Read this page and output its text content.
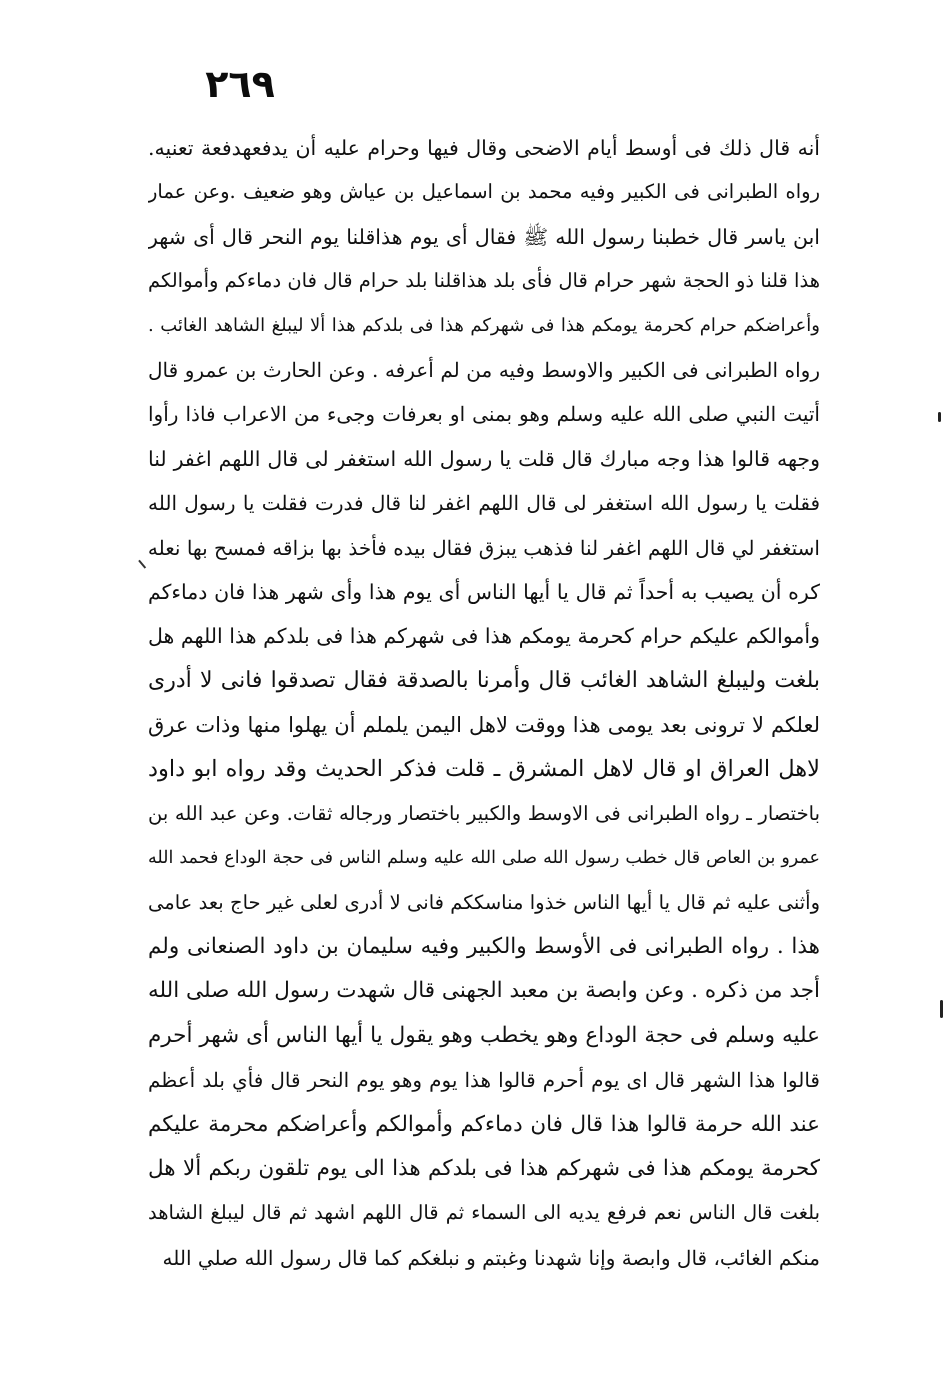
٢٦٩
أنه قال ذلك فى أوسط أيام الاضحى وقال فيها وحرام عليه أن يدفعهدفعة تعنيه.
رواه الطبرانى فى الكبير وفيه محمد بن اسماعيل بن عياش وهو ضعيف .وعن عمار
ابن ياسر قال خطبنا رسول الله ﷺ فقال أى يوم هذاقلنا يوم النحر قال أى شهر
هذا قلنا ذو الحجة شهر حرام قال فأى بلد هذاقلنا بلد حرام قال فان دماءكم وأموالكم
وأعراضكم حرام كحرمة يومكم هذا فى شهركم هذا فى بلدكم هذا ألا ليبلغ الشاهد الغائب .
رواه الطبرانى فى الكبير والاوسط وفيه من لم أعرفه . وعن الحارث بن عمرو قال
أتيت النبي صلى الله عليه وسلم وهو بمنى او بعرفات وجىء من الاعراب فاذا رأوا
وجهه قالوا هذا وجه مبارك قال قلت يا رسول الله استغفر لى قال اللهم اغفر لنا
فقلت يا رسول الله استغفر لى قال اللهم اغفر لنا قال فدرت فقلت يا رسول الله
استغفر لي قال اللهم اغفر لنا فذهب يبزق فقال بيده فأخذ بها بزاقه فمسح بها نعله
كره أن يصيب به أحداً ثم قال يا أيها الناس أى يوم هذا وأى شهر هذا فان دماءكم
وأموالكم عليكم حرام كحرمة يومكم هذا فى شهركم هذا فى بلدكم هذا اللهم هل
بلغت وليبلغ الشاهد الغائب قال وأمرنا بالصدقة فقال تصدقوا فانى لا أدرى
لعلكم لا ترونى بعد يومى هذا ووقت لاهل اليمن يلملم أن يهلوا منها وذات عرق
لاهل العراق او قال لاهل المشرق ـ قلت فذكر الحديث وقد رواه ابو داود
باختصار ـ رواه الطبرانى فى الاوسط والكبير باختصار ورجاله ثقات. وعن عبد الله بن
عمرو بن العاص قال خطب رسول الله صلى الله عليه وسلم الناس فى حجة الوداع فحمد الله
وأثنى عليه ثم قال يا أيها الناس خذوا مناسككم فانى لا أدرى لعلى غير حاج بعد عامى
هذا . رواه الطبرانى فى الأوسط والكبير وفيه سليمان بن داود الصنعانى ولم
أجد من ذكره . وعن وابصة بن معبد الجهنى قال شهدت رسول الله صلى الله
عليه وسلم فى حجة الوداع وهو يخطب وهو يقول يا أيها الناس أى شهر أحرم
قالوا هذا الشهر قال اى يوم أحرم قالوا هذا يوم وهو يوم النحر قال فأي بلد أعظم
عند الله حرمة قالوا هذا قال فان دماءكم وأموالكم وأعراضكم محرمة عليكم
كحرمة يومكم هذا فى شهركم هذا فى بلدكم هذا الى يوم تلقون ربكم ألا هل
بلغت قال الناس نعم فرفع يديه الى السماء ثم قال اللهم اشهد ثم قال ليبلغ الشاهد
منكم الغائب، قال وابصة وإنا شهدنا وغبتم و نبلغكم كما قال رسول الله صلي الله
